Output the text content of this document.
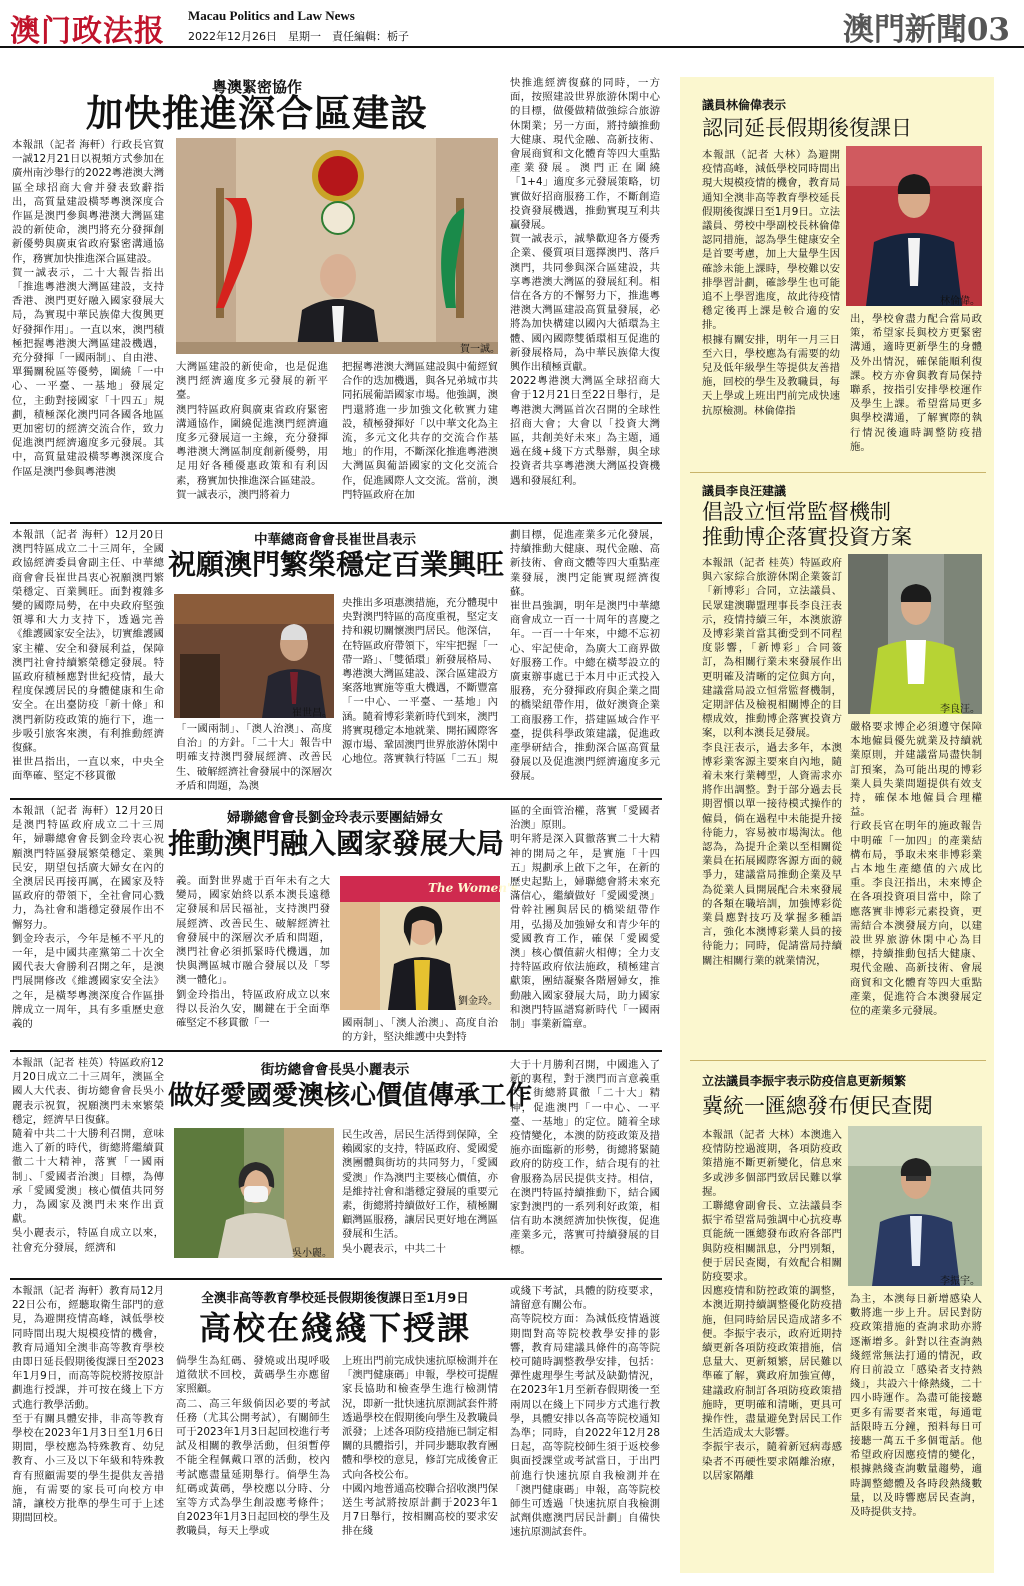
澳门政法报 Macau Politics and Law News
2022年12月26日　星期一　責任編輯：栃子	澳門新聞03
粵澳緊密協作
加快推進深合區建設
本報訊（記者 海軒）行政長官賀一誠12月21日以視頻方式參加在廣州南沙舉行的2022粵港澳大灣區全球招商大會并發表致辭指出，高質量建設橫琴粵澳深度合作區是澳門參與粵港澳大灣區建設的新使命，澳門將充分發揮創新優勢與廣東省政府緊密溝通協作，務實加快推進深合區建設。
賀一誠表示，二十大報告指出「推進粵港澳大灣區建設，支持香港、澳門更好融入國家發展大局，為實現中華民族偉大復興更好發揮作用」。一直以來，澳門積極把握粵港澳大灣區建設機遇，充分發揮「一國兩制」、自由港、單獨關稅區等優勢，圍繞「一中心、一平臺、一基地」發展定位，主動對接國家「十四五」規劃，積極深化澳門同各國各地區更加密切的經濟交流合作，致力促進澳門經濟適度多元發展。其中，高質量建設橫琴粵澳深度合作區是澳門參與粵港澳
賀一誠。
大灣區建設的新使命，也是促進澳門經濟適度多元發展的新平臺。
澳門特區政府與廣東省政府緊密溝通協作，圍繞促進澳門經濟適度多元發展這一主線，充分發揮粵港澳大灣區制度創新優勢，用足用好各種優惠政策和有利因素，務實加快推進深合區建設。
賀一誠表示，澳門將着力
把握粵港澳大灣區建設與中葡經貿合作的迭加機遇，與各兄弟城市共同拓展葡語國家市場。他強調，澳門還將進一步加強文化軟實力建設，積極發揮好「以中華文化為主流，多元文化共存的交流合作基地」的作用，不斷深化推進粵港澳大灣區與葡語國家的文化交流合作，促進國際人文交流。當前，澳門特區政府在加
快推進經濟復蘇的同時，一方面，按照建設世界旅游休閑中心的目標，做優做精做強綜合旅游休閑業；另一方面，將持續推動大健康、現代金融、高新技術、會展商貿和文化體育等四大重點產業發展。澳門正在圍繞「1+4」適度多元發展策略，切實做好招商服務工作，不斷創造投資發展機遇，推動實現互利共贏發展。
賀一誠表示，誠摯歡迎各方優秀企業、優質項目選擇澳門、落戶澳門，共同參與深合區建設，共享粵港澳大灣區的發展紅利。相信在各方的不懈努力下，推進粵港澳大灣區建設高質量發展，必將為加快構建以國內大循環為主體、國內國際雙循環相互促進的新發展格局，為中華民族偉大復興作出積極貢獻。
2022粵港澳大灣區全球招商大會于12月21日至22日舉行，是粵港澳大灣區首次召開的全球性招商大會；大會以「投資大灣區，共創美好未來」為主題，通過在綫+綫下方式舉辦，與全球投資者共享粵港澳大灣區投資機遇和發展紅利。
本報訊（記者 海軒）12月20日澳門特區成立二十三周年，全國政協經濟委員會副主任、中華總商會會長崔世昌衷心祝願澳門繁榮穩定、百業興旺。面對複雜多變的國際局勢，在中央政府堅強領導和大力支持下，透過完善《維護國家安全法》，切實維護國家主權、安全和發展利益，保障澳門社會持續繁榮穩定發展。特區政府積極應對世紀疫情，最大程度保護居民的身體健康和生命安全。在出臺防疫「新十條」和澳門新防疫政策的施行下，進一步吸引旅客來澳，有利推動經濟復蘇。
崔世昌指出，一直以來，中央全面準確、堅定不移貫徹
中華總商會會長崔世昌表示
祝願澳門繁榮穩定百業興旺
崔世昌。
「一國兩制」、「澳人治澳」、高度自治」的方針。「二十大」報告中明確支持澳門發展經濟、改善民生、破解經濟社會發展中的深層次矛盾和問題，為澳
央推出多項惠澳措施，充分體現中央對澳門特區的高度重視，堅定支持和親切關懷澳門居民。他深信，在特區政府帶領下，牢牢把握「一帶一路」、「雙循環」新發展格局、粵港澳大灣區建設、深合區建設方案落地實施等重大機遇，不斷豐富「一中心、一平臺、一基地」內涵。隨着博彩業新時代到來，澳門將實現穩定本地就業、開拓國際客源市場、鞏固澳門世界旅游休閑中心地位。落實執行特區「二五」規
劃目標，促進產業多元化發展，持續推動大健康、現代金融、高新技術、會商文體等四大重點產業發展，澳門定能實現經濟復蘇。
崔世昌強調，明年是澳門中華總商會成立一百一十周年的喜慶之年。一百一十年來，中總不忘初心、牢記使命，為廣大工商界做好服務工作。中總在橫琴設立的廣東辦事處已于本月中正式投入服務，充分發揮政府與企業之間的橋梁紐帶作用，做好澳資企業工商服務工作，搭建區域合作平臺，提供科學政策建議，促進政產學研結合，推動深合區高質量發展以及促進澳門經濟適度多元發展。
本報訊（記者 海軒）12月20日是澳門特區政府成立二十三周年，婦聯總會會長劉金玲衷心祝願澳門特區發展繁榮穩定、業興民安，期望包括廣大婦女在內的全澳居民再接再厲，在國家及特區政府的帶領下，全社會同心戮力，為社會和諧穩定發展作出不懈努力。
劉金玲表示，今年是極不平凡的一年，是中國共產黨第二十次全國代表大會勝利召開之年，是澳門展開修改《維護國家安全法》之年，是橫琴粵澳深度合作區掛牌成立一周年，具有多重歷史意義的
婦聯總會會長劉金玲表示要團結婦女
推動澳門融入國家發展大局
義。面對世界處于百年未有之大變局，國家始終以系本澳長遠穩定發展和居民福祉，支持澳門發展經濟、改善民生、破解經濟社會發展中的深層次矛盾和問題，澳門社會必須抓緊時代機遇，加快與灣區城市融合發展以及「琴澳一體化」。
劉金玲指出，特區政府成立以來得以長治久安，關鍵在于全面準確堅定不移貫徹「一
The Women's
劉金玲。
國兩制」、「澳人治澳」、高度自治的方針，堅決維護中央對特
區的全面管治權，落實「愛國者治澳」原則。
明年將是深入貫徹落實二十大精神的開局之年，是實施「十四五」規劃承上啟下之年，在新的歷史起點上，婦聯總會將未來充滿信心，繼續做好「愛國愛澳」骨幹社團與居民的橋梁紐帶作用，弘揚及加強婦女和青少年的愛國教育工作，確保「愛國愛澳」核心價值薪火相傳；全力支持特區政府依法施政，積極建言獻策，團結凝聚各階層婦女，推動融入國家發展大局，助力國家和澳門特區譜寫新時代「一國兩制」事業新篇章。
本報訊（記者 桂英）特區政府12月20日成立二十三周年，澳區全國人大代表、街坊總會會長吳小麗表示祝賀，祝願澳門未來繁榮穩定，經濟早日復蘇。
隨着中共二十大勝利召開，意味進入了新的時代，街總將繼續貫徹二十大精神，落實「一國兩制」、「愛國者治澳」目標，為傳承「愛國愛澳」核心價值共同努力，為國家及澳門未來作出貢獻。
吳小麗表示，特區自成立以來，社會充分發展，經濟和
街坊總會會長吳小麗表示
做好愛國愛澳核心價值傳承工作
吳小麗。
民生改善，居民生活得到保障，全賴國家的支持，特區政府、愛國愛澳團體與街坊的共同努力，「愛國愛澳」作為澳門主要核心價值，亦是維持社會和諧穩定發展的重要元素，街總將持續做好工作，積極關顧灣區服務，讓居民更好地在灣區發展和生活。
吳小麗表示，中共二十
大于十月勝利召開，中國進入了新的裏程，對于澳門而言意義重大，街總將貫徹「二十大」精神，促進澳門「一中心、一平臺、一基地」的定位。隨着全球疫情變化，本澳的防疫政策及措施亦面臨新的形勢，街總將緊隨政府的防疫工作，結合現有的社會服務為居民提供支持。相信，在澳門特區持續推動下，結合國家對澳門的一系列利好政策，相信有助本澳經濟加快恢復，促進產業多元，落實可持續發展的目標。
本報訊（記者 海軒）教育局12月22日公布，經聽取衛生部門的意見，為避開疫情高峰，減低學校同時間出現大規模疫情的機會，教育局通知全澳非高等教育學校由即日延長假期後復課日至2023年1月9日，而高等院校將按原計劃進行授課，并可按在綫上下方式進行教學活動。
至于有關具體安排，非高等教育學校在2023年1月3日至1月6日期間，學校應為特殊教育、幼兒教育、小三及以下年級和特殊教育有照顧需要的學生提供友善措施，有需要的家長可向校方申請，讓校方批準的學生可于上述期間回校。
全澳非高等教育學校延長假期後復課日至1月9日
高校在綫綫下授課
倘學生為紅碼、發燒或出現呼吸道徵狀不回校，黃碼學生亦應留家照顧。
高二、高三年級倘因必要的考試任務（尤其公開考試），有關師生可于2023年1月3日起回校進行考試及相關的教學活動，但須暫停不能全程佩戴口罩的活動，校內考試應盡量延期舉行。倘學生為紅碼或黃碼，學校應以分時、分室等方式為學生創設應考條件；自2023年1月3日起回校的學生及教職員，每天上學或
上班出門前完成快速抗原檢測并在「澳門健康碼」申報，學校可提醒家長協助和檢查學生進行檢測情況，即新一批快速抗原測試套件將透過學校在假期後向學生及教職員派發；上述各項防疫措施已制定相關的具體指引，并同步聽取教育團體和學校的意見，修訂完成後會正式向各校公布。
中國內地普通高校聯合招收澳門保送生考試將按原計劃于2023年1月7日舉行，按相關高校的要求安排在綫
或綫下考試，具體的防疫要求，請留意有關公布。
高等院校方面：為減低疫情過渡期間對高等院校教學安排的影響，教育局建議具條件的高等院校可隨時調整教學安排，包括：彈性處理學生考試及缺勤情況，在2023年1月至新春假期後一至兩周以在綫上下同步方式進行教學，具體安排以各高等院校通知為準；同時，自2022年12月28日起，高等院校師生須于返校參與面授課堂或考試當日，于出門前進行快速抗原自我檢測并在「澳門健康碼」申報，高等院校師生可透過「快速抗原自我檢測試劑供應澳門居民計劃」自備快速抗原測試套件。
議員林倫偉表示
認同延長假期後復課日
本報訊（記者 大林）為避開疫情高峰，減低學校同時間出現大規模疫情的機會，教育局通知全澳非高等教育學校延長假期後復課日至1月9日。立法議員、勞校中學副校長林倫偉認同措施，認為學生健康安全是首要考慮，加上大量學生因確診未能上課時，學校難以安排學習計劃，確診學生也可能追不上學習進度，故此待疫情穩定後再上課是較合適的安排。
根據有關安排，明年一月三日至六日，學校應為有需要的幼兒及低年級學生等提供友善措施，回校的學生及教職員，每天上學或上班出門前完成快速抗原檢測。林倫偉指
林倫偉。
出，學校會盡力配合當局政策，希望家長與校方更緊密溝通，適時更新學生的身體及外出情況，確保能順利復課。校方亦會與教育局保持聯系，按指引安排學校運作及學生上課。希望當局更多與學校溝通，了解實際的執行情況後適時調整防疫措施。
議員李良汪建議
倡設立恒常監督機制
推動博企落實投資方案
本報訊（記者 桂英）特區政府與六家綜合旅游休閑企業簽訂「新博彩」合同，立法議員、民眾建澳聯盟理事長李良汪表示，疫情持續三年，本澳旅游及博彩業首當其衝受到不同程度影響，「新博彩」合同簽訂，為相關行業未來發展作出更明確及清晰的定位與方向，建議當局設立恒常監督機制，定期評估及檢視相關博企的目標成效，推動博企落實投資方案，以利本澳長足發展。
李良汪表示，過去多年，本澳博彩業客源主要來自內地，隨着未來行業轉型，人資需求亦將作出調整。對于部分過去長期習慣以單一接待模式操作的僱員，倘在過程中未能提升接待能力，容易被市場淘汰。他認為，為提升企業以至相關從業員在拓展國際客源方面的競爭力，建議當局推動企業及早為從業人員開展配合未來發展的各類在職培訓，加強博彩從業員應對技巧及掌握多種語言，強化本澳博彩業人員的接待能力；同時，促請當局持續關注相關行業的就業情況，
李良汪。
嚴格要求博企必須遵守保障本地僱員優先就業及持續就業原則，并建議當局盡快制訂預案，為可能出現的博彩業人員失業問題提供有效支持，確保本地僱員合理權益。
行政長官在明年的施政報告中明確「一加四」的產業結構布局，爭取未來非博彩業占本地生產總值的六成比重。李良汪指出，未來博企在各項投資項目當中，除了應落實非博彩元素投資，更需結合本澳發展方向，以建設世界旅游休閑中心為目標，持續推動包括大健康、現代金融、高新技術、會展商貿和文化體育等四大重點產業，促進符合本澳發展定位的產業多元發展。
立法議員李振宇表示防疫信息更新頻繁
冀統一匯總發布便民查閱
本報訊（記者 大林）本澳進入疫情防控過渡期，各項防疫政策措施不斷更新變化，信息來多或涉多個部門致居民難以掌握。
工聯總會副會長、立法議員李振宇希望當局強調中心抗疫專頁能統一匯總發布政府各部門與防疫相關訊息，分門別類，便于居民查閱，有效配合相關防疫要求。
因應疫情和防控政策的調整，本澳近期持續調整優化防疫措施，但同時給居民造成諸多不便。李振宇表示，政府近期持續更新各項防疫政策措施，信息量大、更新頻繁，居民難以準確了解，冀政府加強宣傳，建議政府制訂各項防疫政策措施時，更明確和清晰，更具可操作性，盡量避免對居民工作生活造成太大影響。
李振宇表示，隨着新冠病毒感染者不再硬性要求隔離治療，以居家隔離
李振宇。
為主，本澳每日新增感染人數將進一步上升。居民對防疫政策措施的查詢求助亦將逐漸增多。針對以往查詢熱綫經常無法打通的情況，政府日前設立「感染者支持熱綫」，共設六十條熱綫，二十四小時運作。為盡可能接聽更多有需要者來電，每通電話限時五分鐘，預料每日可接聽一萬五千多個電話。他希望政府因應疫情的變化，根據熱綫查詢數量趨勢，適時調整總體及各時段熱綫數量，以及時響應居民查詢，及時提供支持。
